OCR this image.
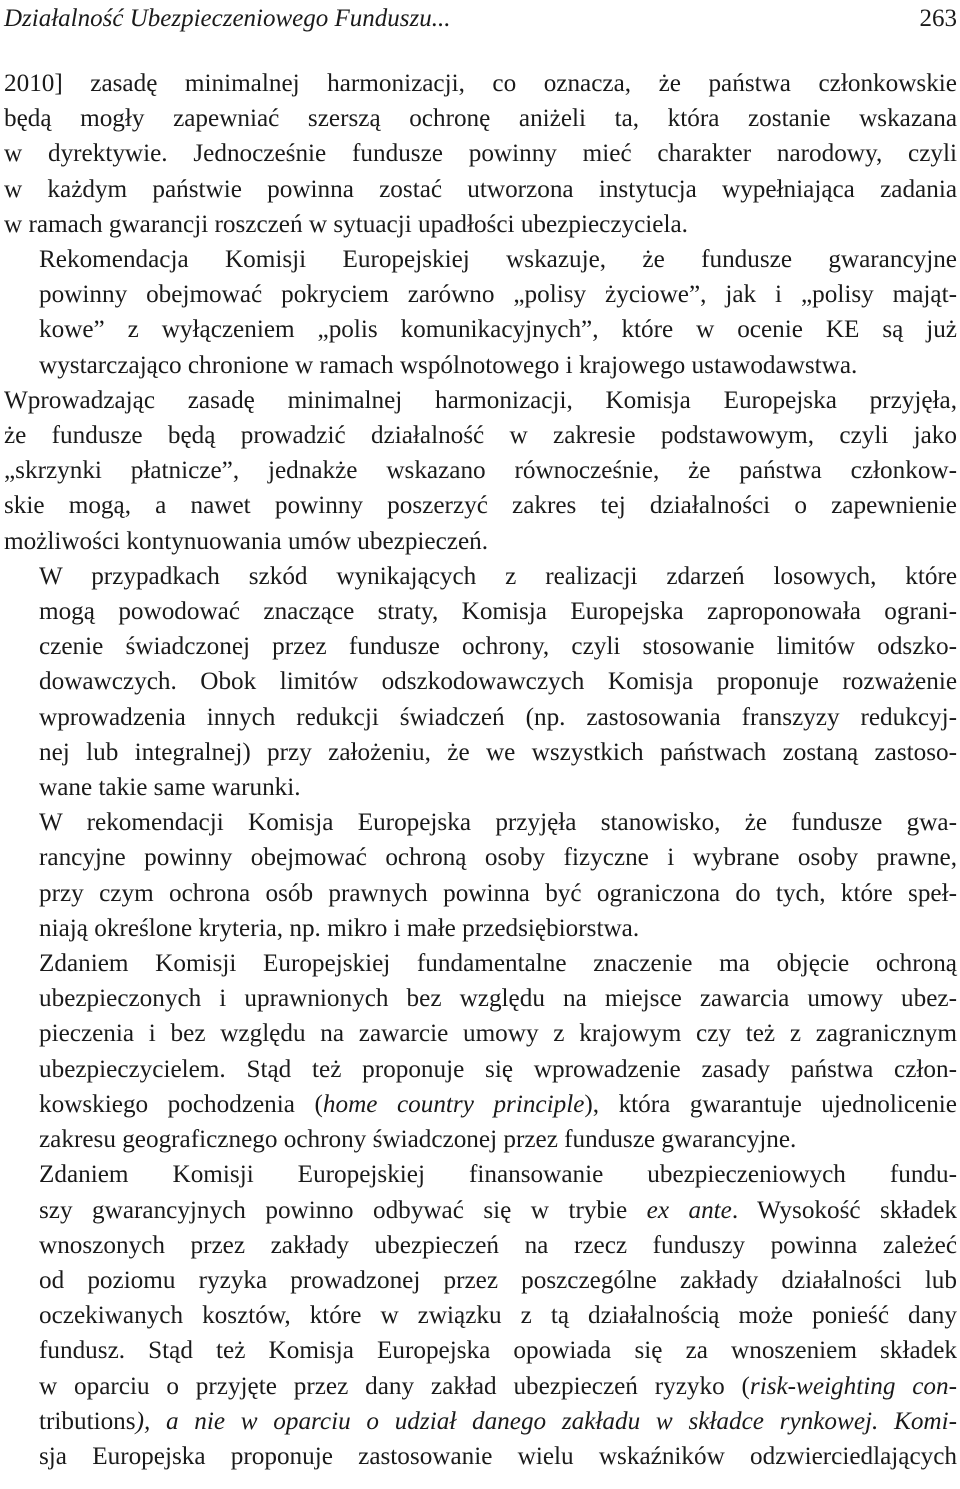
Działalność Ubezpieczeniowego Funduszu...	263

2010] zasadę minimalnej harmonizacji, co oznacza, że państwa członkowskie
będą mogły zapewniać szerszą ochronę aniżeli ta, która zostanie wskazana
w dyrektywie. Jednocześnie fundusze powinny mieć charakter narodowy, czyli
w każdym państwie powinna zostać utworzona instytucja wypełniająca zadania
w ramach gwarancji roszczeń w sytuacji upadłości ubezpieczyciela.

Rekomendacja Komisji Europejskiej wskazuje, że fundusze gwarancyjne
powinny obejmować pokryciem zarówno „polisy życiowe”, jak i „polisy mająt-
kowe” z wyłączeniem „polis komunikacyjnych”, które w ocenie KE są już
wystarczająco chronione w ramach wspólnotowego i krajowego ustawodawstwa.

Wprowadzając zasadę minimalnej harmonizacji, Komisja Europejska przyjęła,
że fundusze będą prowadzić działalność w zakresie podstawowym, czyli jako
„skrzynki płatnicze”, jednakże wskazano równocześnie, że państwa członkow-
skie mogą, a nawet powinny poszerzyć zakres tej działalności o zapewnienie
możliwości kontynuowania umów ubezpieczeń.

W przypadkach szkód wynikających z realizacji zdarzeń losowych, które
mogą powodować znaczące straty, Komisja Europejska zaproponowała ograni-
czenie świadczonej przez fundusze ochrony, czyli stosowanie limitów odszko-
dowawczych. Obok limitów odszkodowawczych Komisja proponuje rozważenie
wprowadzenia innych redukcji świadczeń (np. zastosowania franszyzy redukcyj-
nej lub integralnej) przy założeniu, że we wszystkich państwach zostaną zastoso-
wane takie same warunki.

W rekomendacji Komisja Europejska przyjęła stanowisko, że fundusze gwa-
rancyjne powinny obejmować ochroną osoby fizyczne i wybrane osoby prawne,
przy czym ochrona osób prawnych powinna być ograniczona do tych, które speł-
niają określone kryteria, np. mikro i małe przedsiębiorstwa.

Zdaniem Komisji Europejskiej fundamentalne znaczenie ma objęcie ochroną
ubezpieczonych i uprawnionych bez względu na miejsce zawarcia umowy ubez-
pieczenia i bez względu na zawarcie umowy z krajowym czy też z zagranicznym
ubezpieczycielem. Stąd też proponuje się wprowadzenie zasady państwa człon-
kowskiego pochodzenia (home country principle), która gwarantuje ujednolicenie
zakresu geograficznego ochrony świadczonej przez fundusze gwarancyjne.

Zdaniem Komisji Europejskiej finansowanie ubezpieczeniowych fundu-
szy gwarancyjnych powinno odbywać się w trybie ex ante. Wysokość składek
wnoszonych przez zakłady ubezpieczeń na rzecz funduszy powinna zależeć
od poziomu ryzyka prowadzonej przez poszczególne zakłady działalności lub
oczekiwanych kosztów, które w związku z tą działalnością może ponieść dany
fundusz. Stąd też Komisja Europejska opowiada się za wnoszeniem składek
w oparciu o przyjęte przez dany zakład ubezpieczeń ryzyko (risk-weighting con-
tributions), a nie w oparciu o udział danego zakładu w składce rynkowej. Komi-
sja Europejska proponuje zastosowanie wielu wskaźników odzwierciedlających
